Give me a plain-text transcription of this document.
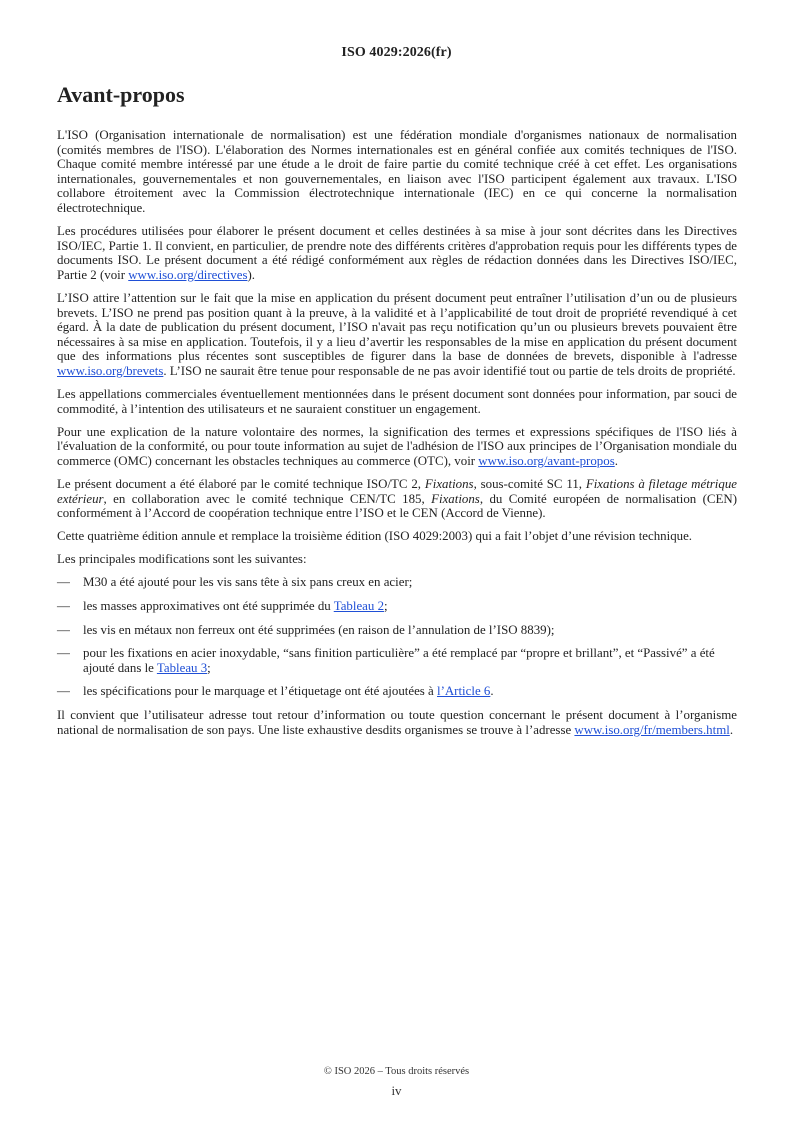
ISO 4029:2026(fr)
Avant-propos

L'ISO (Organisation internationale de normalisation) est une fédération mondiale d'organismes nationaux de normalisation (comités membres de l'ISO). L'élaboration des Normes internationales est en général confiée aux comités techniques de l'ISO. Chaque comité membre intéressé par une étude a le droit de faire partie du comité technique créé à cet effet. Les organisations internationales, gouvernementales et non gouvernementales, en liaison avec l'ISO participent également aux travaux. L'ISO collabore étroitement avec la Commission électrotechnique internationale (IEC) en ce qui concerne la normalisation électrotechnique.

Les procédures utilisées pour élaborer le présent document et celles destinées à sa mise à jour sont décrites dans les Directives ISO/IEC, Partie 1. Il convient, en particulier, de prendre note des différents critères d'approbation requis pour les différents types de documents ISO. Le présent document a été rédigé conformément aux règles de rédaction données dans les Directives ISO/IEC, Partie 2 (voir www.iso.org/directives).

L’ISO attire l’attention sur le fait que la mise en application du présent document peut entraîner l’utilisation d’un ou de plusieurs brevets. L’ISO ne prend pas position quant à la preuve, à la validité et à l’applicabilité de tout droit de propriété revendiqué à cet égard. À la date de publication du présent document, l’ISO n'avait pas reçu notification qu’un ou plusieurs brevets pouvaient être nécessaires à sa mise en application. Toutefois, il y a lieu d’avertir les responsables de la mise en application du présent document que des informations plus récentes sont susceptibles de figurer dans la base de données de brevets, disponible à l'adresse www.iso.org/brevets. L’ISO ne saurait être tenue pour responsable de ne pas avoir identifié tout ou partie de tels droits de propriété.

Les appellations commerciales éventuellement mentionnées dans le présent document sont données pour information, par souci de commodité, à l’intention des utilisateurs et ne sauraient constituer un engagement.

Pour une explication de la nature volontaire des normes, la signification des termes et expressions spécifiques de l'ISO liés à l'évaluation de la conformité, ou pour toute information au sujet de l'adhésion de l'ISO aux principes de l’Organisation mondiale du commerce (OMC) concernant les obstacles techniques au commerce (OTC), voir www.iso.org/avant-propos.

Le présent document a été élaboré par le comité technique ISO/TC 2, Fixations, sous-comité SC 11, Fixations à filetage métrique extérieur, en collaboration avec le comité technique CEN/TC 185, Fixations, du Comité européen de normalisation (CEN) conformément à l’Accord de coopération technique entre l’ISO et le CEN (Accord de Vienne).

Cette quatrième édition annule et remplace la troisième édition (ISO 4029:2003) qui a fait l’objet d’une révision technique.

Les principales modifications sont les suivantes:

— M30 a été ajouté pour les vis sans tête à six pans creux en acier;
— les masses approximatives ont été supprimée du Tableau 2;
— les vis en métaux non ferreux ont été supprimées (en raison de l’annulation de l’ISO 8839);
— pour les fixations en acier inoxydable, “sans finition particulière” a été remplacé par “propre et brillant”, et “Passivé” a été ajouté dans le Tableau 3;
— les spécifications pour le marquage et l’étiquetage ont été ajoutées à l’Article 6.

Il convient que l’utilisateur adresse tout retour d’information ou toute question concernant le présent document à l’organisme national de normalisation de son pays. Une liste exhaustive desdits organismes se trouve à l’adresse www.iso.org/fr/members.html.

© ISO 2026 – Tous droits réservés
iv
